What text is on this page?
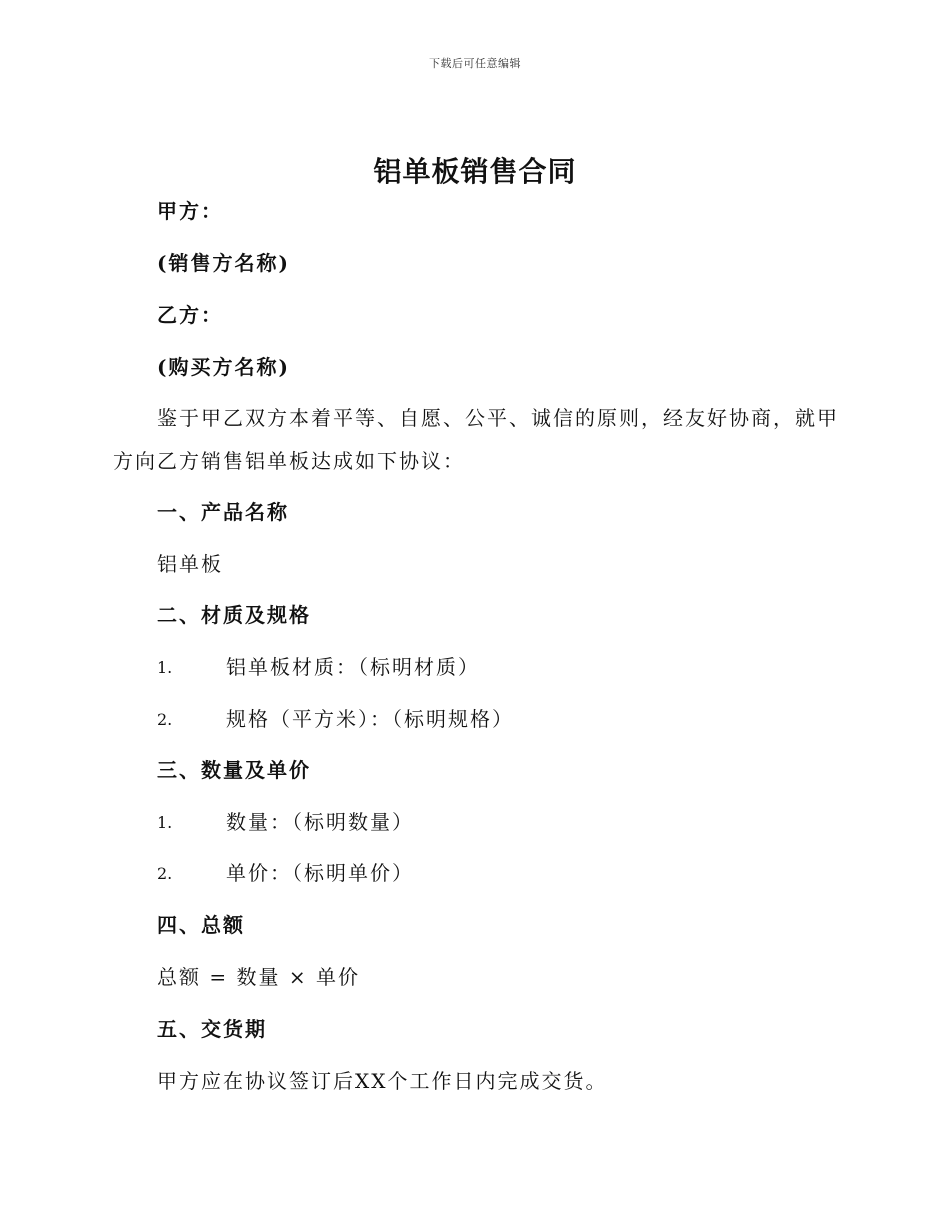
下载后可任意编辑
铝单板销售合同
甲方：
(销售方名称)
乙方：
(购买方名称)
鉴于甲乙双方本着平等、自愿、公平、诚信的原则，经友好协商，就甲
方向乙方销售铝单板达成如下协议：
一、产品名称
铝单板
二、材质及规格
1.	铝单板材质：（标明材质）
2.	规格（平方米）：（标明规格）
三、数量及单价
1.	数量：（标明数量）
2.	单价：（标明单价）
四、总额
总额 = 数量 × 单价
五、交货期
甲方应在协议签订后XX个工作日内完成交货。
